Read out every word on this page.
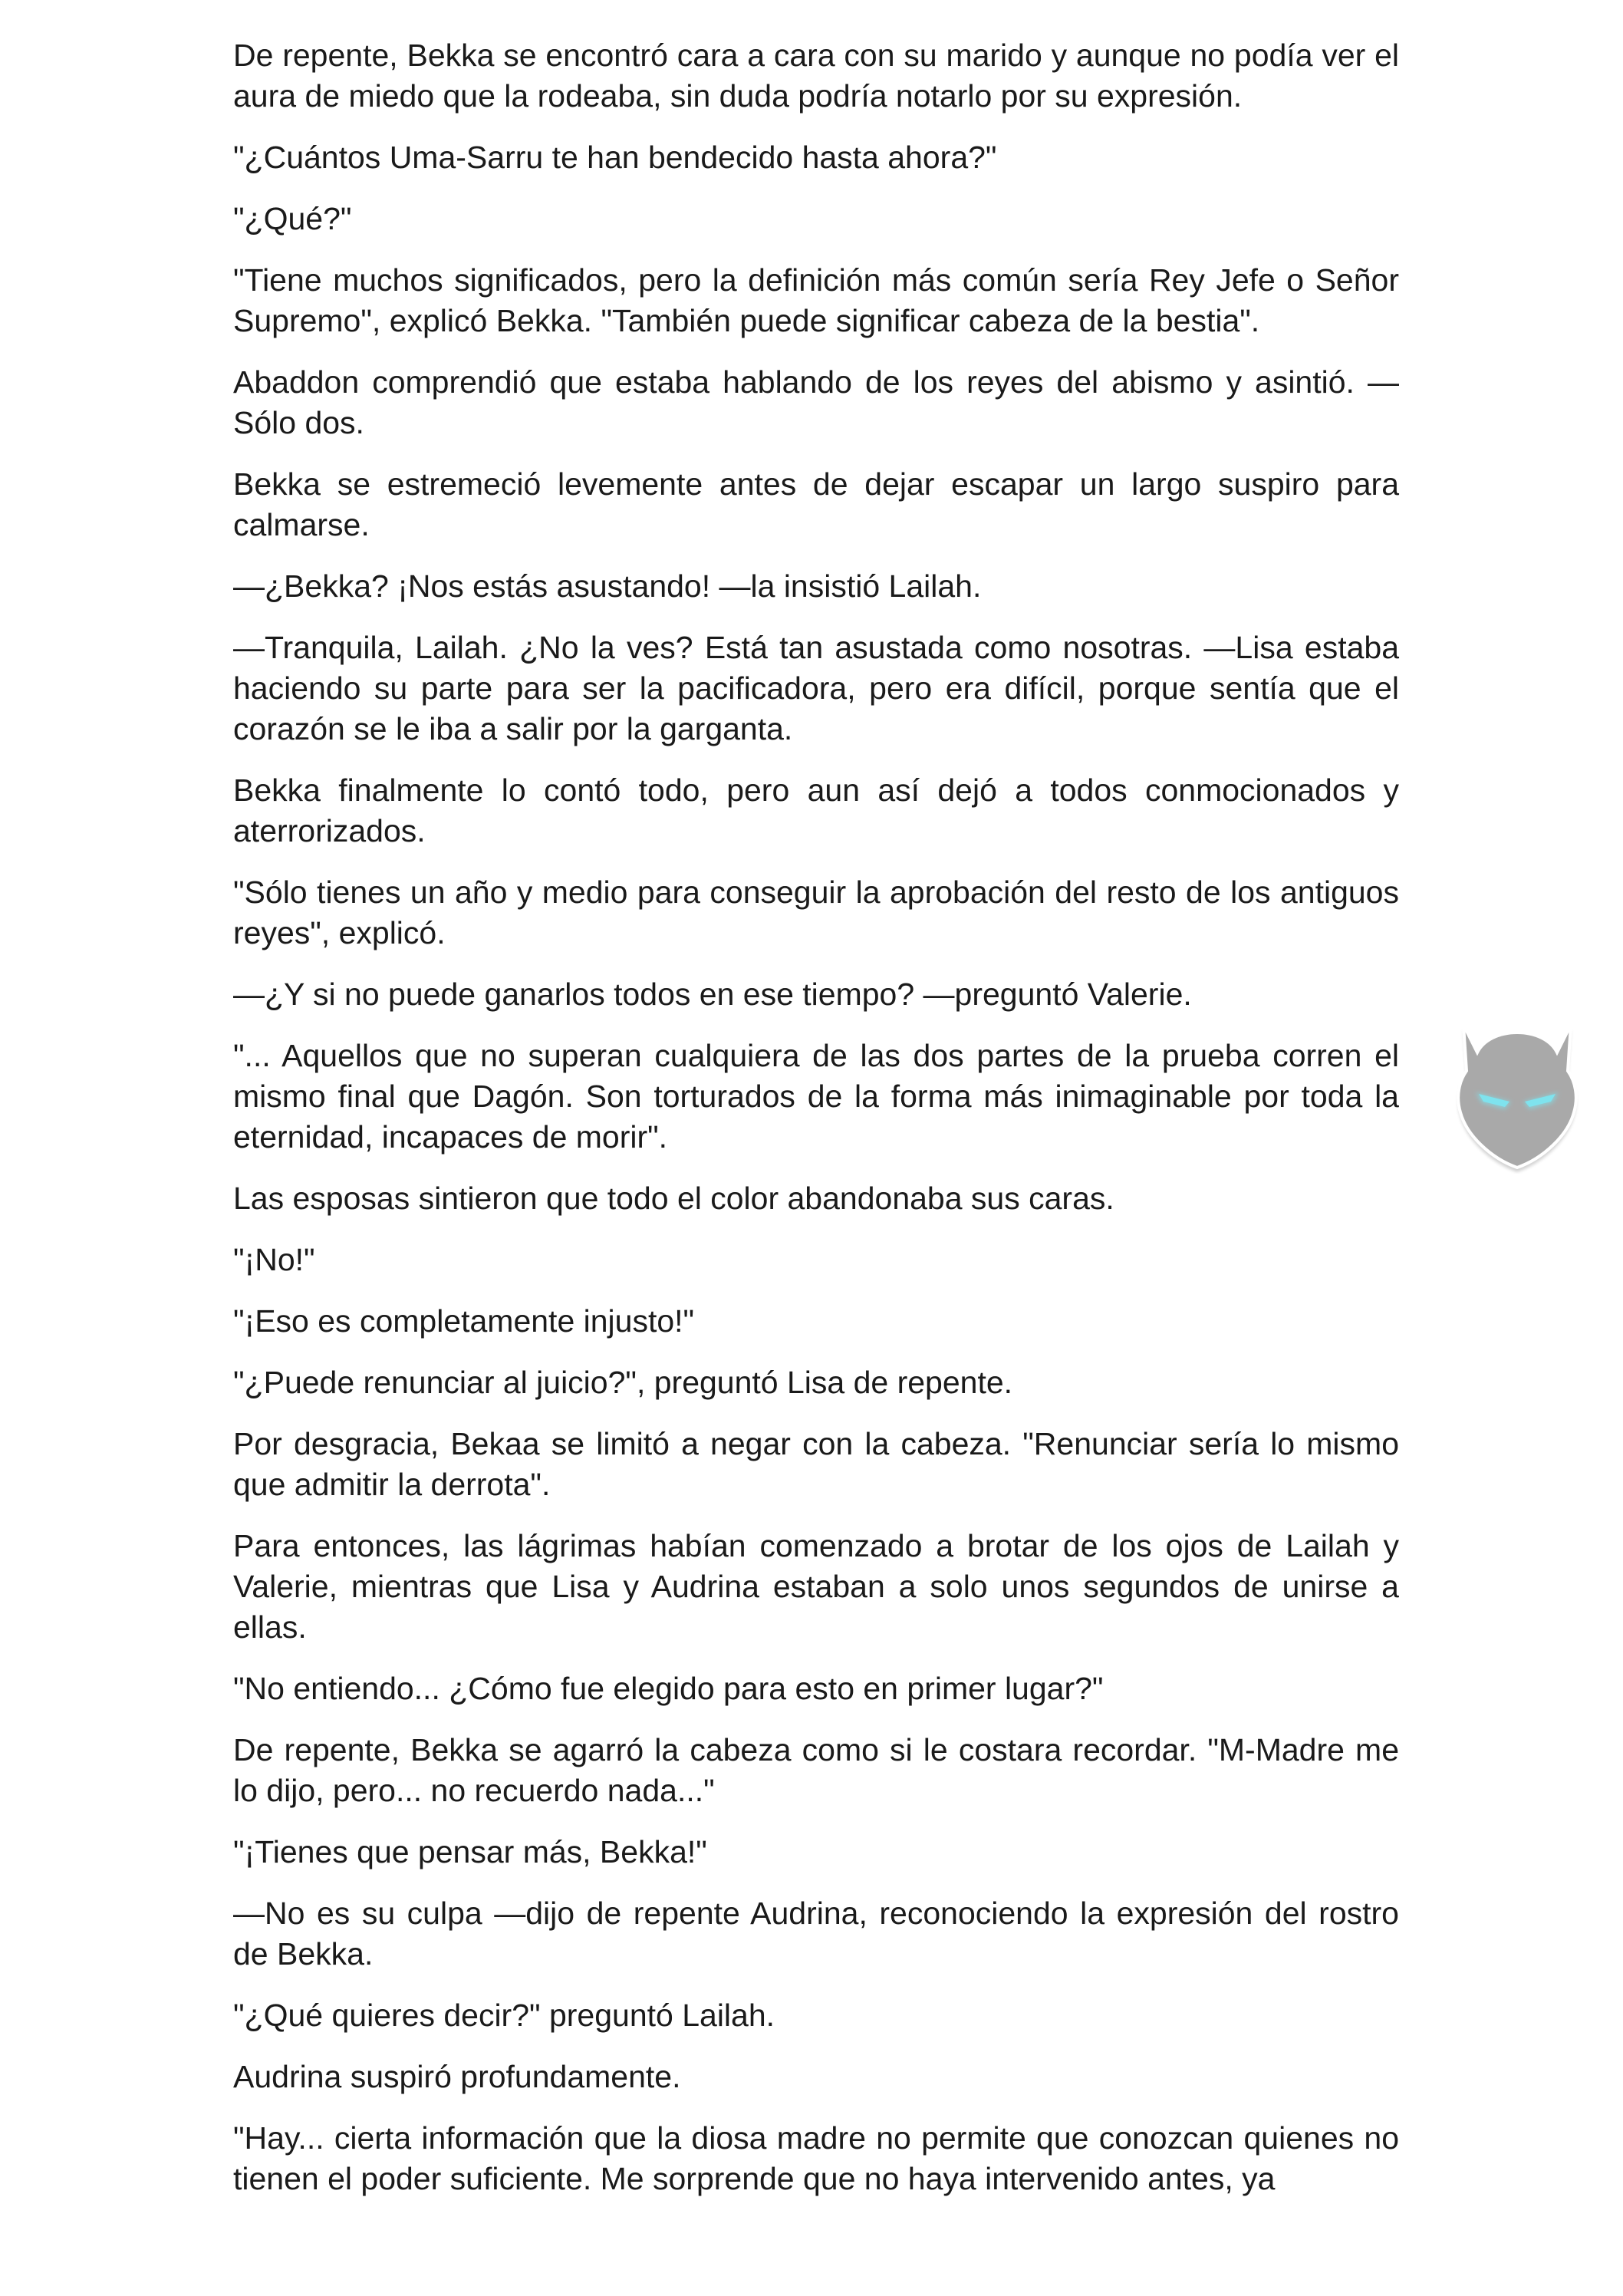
De repente, Bekka se encontró cara a cara con su marido y aunque no podía ver el aura de miedo que la rodeaba, sin duda podría notarlo por su expresión.

"¿Cuántos Uma-Sarru te han bendecido hasta ahora?"

"¿Qué?"

"Tiene muchos significados, pero la definición más común sería Rey Jefe o Señor Supremo", explicó Bekka. "También puede significar cabeza de la bestia".

Abaddon comprendió que estaba hablando de los reyes del abismo y asintió. —Sólo dos.

Bekka se estremeció levemente antes de dejar escapar un largo suspiro para calmarse.

—¿Bekka? ¡Nos estás asustando! —la insistió Lailah.

—Tranquila, Lailah. ¿No la ves? Está tan asustada como nosotras. —Lisa estaba haciendo su parte para ser la pacificadora, pero era difícil, porque sentía que el corazón se le iba a salir por la garganta.

Bekka finalmente lo contó todo, pero aun así dejó a todos conmocionados y aterrorizados.

"Sólo tienes un año y medio para conseguir la aprobación del resto de los antiguos reyes", explicó.

—¿Y si no puede ganarlos todos en ese tiempo? —preguntó Valerie.

"... Aquellos que no superan cualquiera de las dos partes de la prueba corren el mismo final que Dagón. Son torturados de la forma más inimaginable por toda la eternidad, incapaces de morir".

Las esposas sintieron que todo el color abandonaba sus caras.

"¡No!"

"¡Eso es completamente injusto!"

"¿Puede renunciar al juicio?", preguntó Lisa de repente.

Por desgracia, Bekaa se limitó a negar con la cabeza. "Renunciar sería lo mismo que admitir la derrota".

Para entonces, las lágrimas habían comenzado a brotar de los ojos de Lailah y Valerie, mientras que Lisa y Audrina estaban a solo unos segundos de unirse a ellas.

"No entiendo... ¿Cómo fue elegido para esto en primer lugar?"

De repente, Bekka se agarró la cabeza como si le costara recordar. "M-Madre me lo dijo, pero... no recuerdo nada..."

"¡Tienes que pensar más, Bekka!"

—No es su culpa —dijo de repente Audrina, reconociendo la expresión del rostro de Bekka.

"¿Qué quieres decir?" preguntó Lailah.

Audrina suspiró profundamente.

"Hay... cierta información que la diosa madre no permite que conozcan quienes no tienen el poder suficiente. Me sorprende que no haya intervenido antes, ya
